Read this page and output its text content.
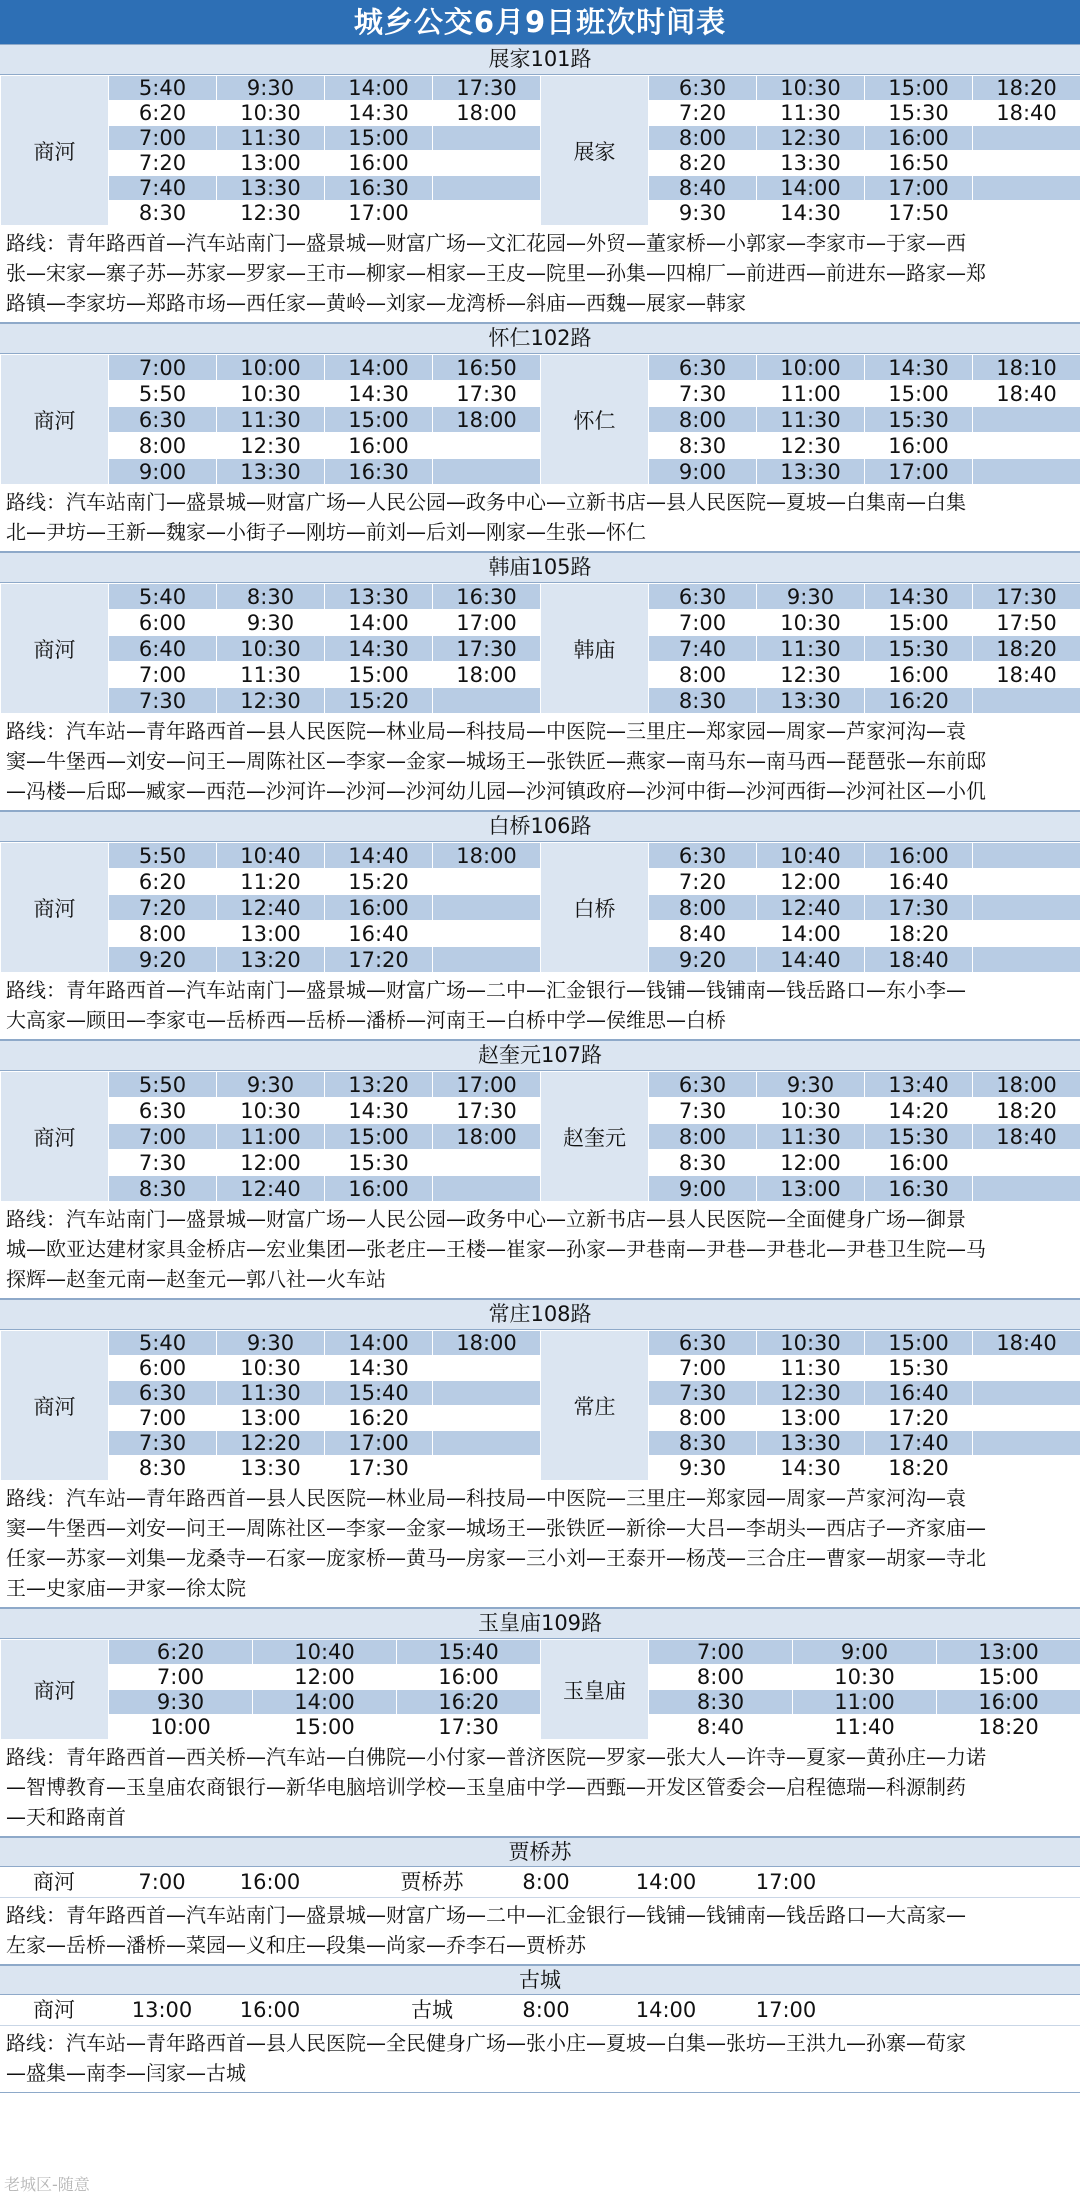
城乡公交6月9日班次时间表
展家101路
商河	5:40	9:30	14:00	17:30	展家	6:30	10:30	15:00	18:20
	6:20	10:30	14:30	18:00		7:20	11:30	15:30	18:40
	7:00	11:30	15:00			8:00	12:30	16:00	
	7:20	13:00	16:00			8:20	13:30	16:50	
	7:40	13:30	16:30			8:40	14:00	17:00	
	8:30	12:30	17:00			9:30	14:30	17:50	
路线：青年路西首—汽车站南门—盛景城—财富广场—文汇花园—外贸—董家桥—小郭家—李家市—于家—西
张—宋家—寨子苏—苏家—罗家—王市—柳家—相家—王皮—院里—孙集—四棉厂—前进西—前进东—路家—郑
路镇—李家坊—郑路市场—西任家—黄岭—刘家—龙湾桥—斜庙—西魏—展家—韩家
怀仁102路
商河	7:00	10:00	14:00	16:50	怀仁	6:30	10:00	14:30	18:10
	5:50	10:30	14:30	17:30		7:30	11:00	15:00	18:40
	6:30	11:30	15:00	18:00		8:00	11:30	15:30	
	8:00	12:30	16:00			8:30	12:30	16:00	
	9:00	13:30	16:30			9:00	13:30	17:00	
路线：汽车站南门—盛景城—财富广场—人民公园—政务中心—立新书店—县人民医院—夏坡—白集南—白集
北—尹坊—王新—魏家—小街子—刚坊—前刘—后刘—刚家—生张—怀仁
韩庙105路
商河	5:40	8:30	13:30	16:30	韩庙	6:30	9:30	14:30	17:30
	6:00	9:30	14:00	17:00		7:00	10:30	15:00	17:50
	6:40	10:30	14:30	17:30		7:40	11:30	15:30	18:20
	7:00	11:30	15:00	18:00		8:00	12:30	16:00	18:40
	7:30	12:30	15:20			8:30	13:30	16:20	
路线：汽车站—青年路西首—县人民医院—林业局—科技局—中医院—三里庄—郑家园—周家—芦家河沟—袁
窦—牛堡西—刘安—问王—周陈社区—李家—金家—城场王—张铁匠—燕家—南马东—南马西—琵琶张—东前邸
—冯楼—后邸—臧家—西范—沙河许—沙河—沙河幼儿园—沙河镇政府—沙河中街—沙河西街—沙河社区—小仉
白桥106路
商河	5:50	10:40	14:40	18:00	白桥	6:30	10:40	16:00	
	6:20	11:20	15:20			7:20	12:00	16:40	
	7:20	12:40	16:00			8:00	12:40	17:30	
	8:00	13:00	16:40			8:40	14:00	18:20	
	9:20	13:20	17:20			9:20	14:40	18:40	
路线：青年路西首—汽车站南门—盛景城—财富广场—二中—汇金银行—钱铺—钱铺南—钱岳路口—东小李—
大高家—顾田—李家屯—岳桥西—岳桥—潘桥—河南王—白桥中学—侯维思—白桥
赵奎元107路
商河	5:50	9:30	13:20	17:00	赵奎元	6:30	9:30	13:40	18:00
	6:30	10:30	14:30	17:30		7:30	10:30	14:20	18:20
	7:00	11:00	15:00	18:00		8:00	11:30	15:30	18:40
	7:30	12:00	15:30			8:30	12:00	16:00	
	8:30	12:40	16:00			9:00	13:00	16:30	
路线：汽车站南门—盛景城—财富广场—人民公园—政务中心—立新书店—县人民医院—全面健身广场—御景
城—欧亚达建材家具金桥店—宏业集团—张老庄—王楼—崔家—孙家—尹巷南—尹巷—尹巷北—尹巷卫生院—马
探辉—赵奎元南—赵奎元—郭八社—火车站
常庄108路
商河	5:40	9:30	14:00	18:00	常庄	6:30	10:30	15:00	18:40
	6:00	10:30	14:30			7:00	11:30	15:30	
	6:30	11:30	15:40			7:30	12:30	16:40	
	7:00	13:00	16:20			8:00	13:00	17:20	
	7:30	12:20	17:00			8:30	13:30	17:40	
	8:30	13:30	17:30			9:30	14:30	18:20	
路线：汽车站—青年路西首—县人民医院—林业局—科技局—中医院—三里庄—郑家园—周家—芦家河沟—袁
窦—牛堡西—刘安—问王—周陈社区—李家—金家—城场王—张铁匠—新徐—大吕—李胡头—西店子—齐家庙—
任家—苏家—刘集—龙桑寺—石家—庞家桥—黄马—房家—三小刘—王泰开—杨茂—三合庄—曹家—胡家—寺北
王—史家庙—尹家—徐太院
玉皇庙109路
商河	6:20	10:40	15:40	玉皇庙	7:00	9:00	13:00
	7:00	12:00	16:00		8:00	10:30	15:00
	9:30	14:00	16:20		8:30	11:00	16:00
	10:00	15:00	17:30		8:40	11:40	18:20
路线：青年路西首—西关桥—汽车站—白佛院—小付家—普济医院—罗家—张大人—许寺—夏家—黄孙庄—力诺
—智博教育—玉皇庙农商银行—新华电脑培训学校—玉皇庙中学—西甄—开发区管委会—启程德瑞—科源制药
—天和路南首
贾桥苏
商河	7:00	16:00	贾桥苏	8:00	14:00	17:00
路线：青年路西首—汽车站南门—盛景城—财富广场—二中—汇金银行—钱铺—钱铺南—钱岳路口—大高家—
左家—岳桥—潘桥—菜园—义和庄—段集—尚家—乔李石—贾桥苏
古城
商河	13:00	16:00	古城	8:00	14:00	17:00
路线：汽车站—青年路西首—县人民医院—全民健身广场—张小庄—夏坡—白集—张坊—王洪九—孙寨—荀家
—盛集—南李—闫家—古城
老城区-随意
